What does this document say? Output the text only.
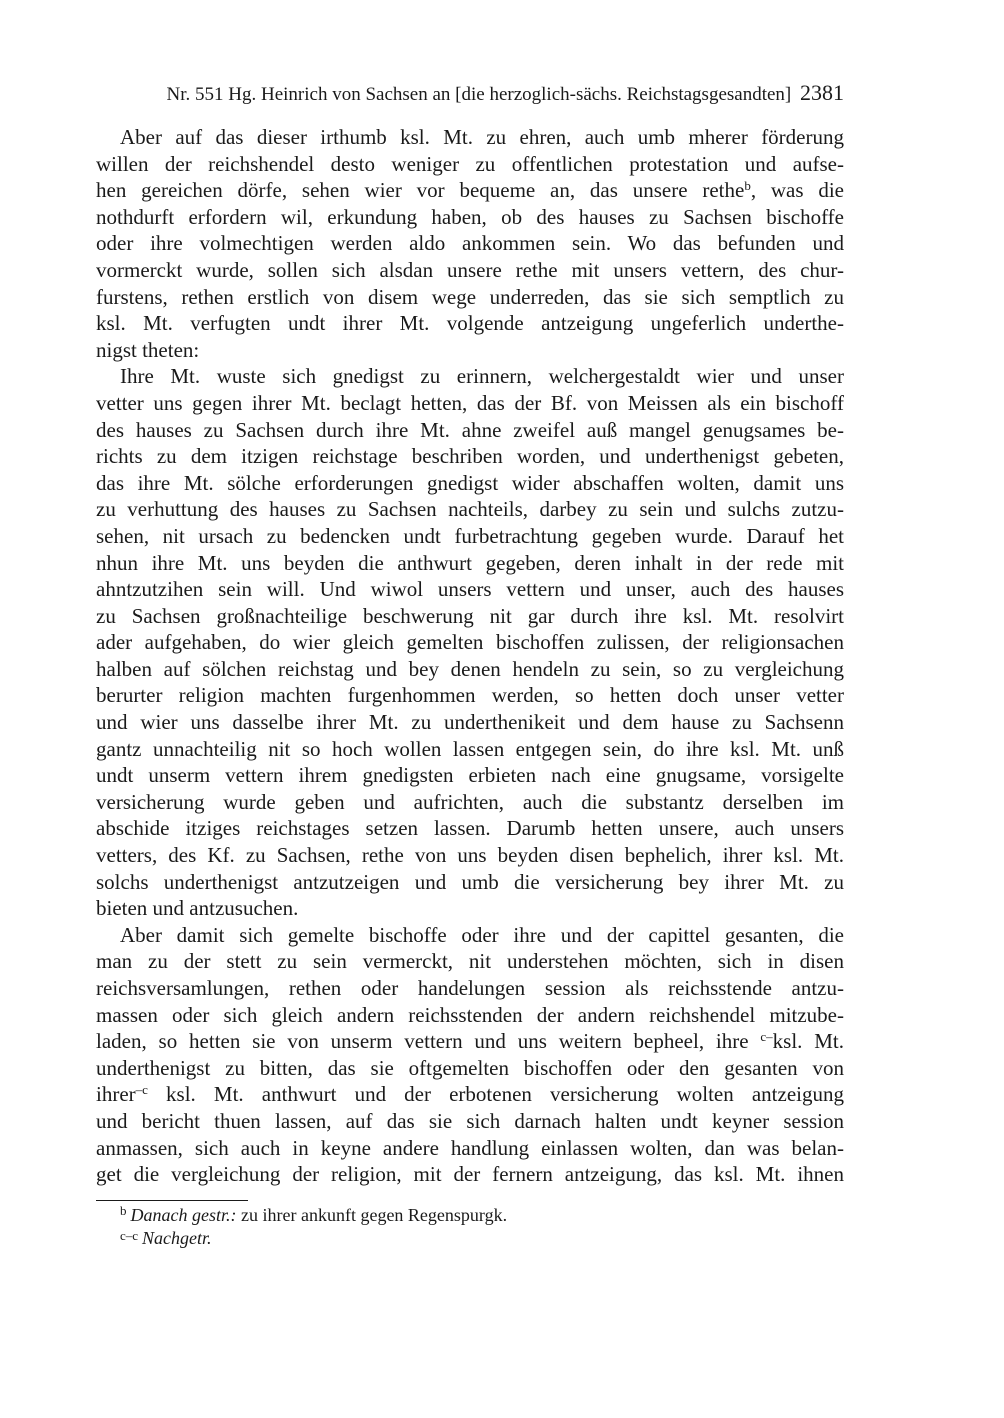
Nr. 551 Hg. Heinrich von Sachsen an [die herzoglich-sächs. Reichstagsgesandten] 2381
Aber auf das dieser irthumb ksl. Mt. zu ehren, auch umb mherer förderung
willen der reichshendel desto weniger zu offentlichen protestation und aufse-
hen gereichen dörfe, sehen wier vor bequeme an, das unsere rethe$^b$, was die
nothdurft erfordern wil, erkundung haben, ob des hauses zu Sachsen bischoffe
oder ihre volmechtigen werden aldo ankommen sein. Wo das befunden und
vormerckt wurde, sollen sich alsdan unsere rethe mit unsers vettern, des chur-
furstens, rethen erstlich von disem wege underreden, das sie sich semptlich zu
ksl. Mt. verfugten undt ihrer Mt. volgende antzeigung ungeferlich underthe-
nigst theten:
Ihre Mt. wuste sich gnedigst zu erinnern, welchergestaldt wier und unser
vetter uns gegen ihrer Mt. beclagt hetten, das der Bf. von Meissen als ein bischoff
des hauses zu Sachsen durch ihre Mt. ahne zweifel auß mangel genugsames be-
richts zu dem itzigen reichstage beschriben worden, und underthenigst gebeten,
das ihre Mt. sölche erforderungen gnedigst wider abschaffen wolten, damit uns
zu verhuttung des hauses zu Sachsen nachteils, darbey zu sein und sulchs zutzu-
sehen, nit ursach zu bedencken undt furbetrachtung gegeben wurde. Darauf het
nhun ihre Mt. uns beyden die anthwurt gegeben, deren inhalt in der rede mit
ahntzutzihen sein will. Und wiwol unsers vettern und unser, auch des hauses
zu Sachsen großnachteilige beschwerung nit gar durch ihre ksl. Mt. resolvirt
ader aufgehaben, do wier gleich gemelten bischoffen zulissen, der religionsachen
halben auf sölchen reichstag und bey denen hendeln zu sein, so zu vergleichung
berurter religion machten furgenhommen werden, so hetten doch unser vetter
und wier uns dasselbe ihrer Mt. zu underthenikeit und dem hause zu Sachsenn
gantz unnachteilig nit so hoch wollen lassen entgegen sein, do ihre ksl. Mt. unß
undt unserm vettern ihrem gnedigsten erbieten nach eine gnugsame, vorsigelte
versicherung wurde geben und aufrichten, auch die substantz derselben im
abschide itziges reichstages setzen lassen. Darumb hetten unsere, auch unsers
vetters, des Kf. zu Sachsen, rethe von uns beyden disen bephelich, ihrer ksl. Mt.
solchs underthenigst antzutzeigen und umb die versicherung bey ihrer Mt. zu
bieten und antzusuchen.
Aber damit sich gemelte bischoffe oder ihre und der capittel gesanten, die
man zu der stett zu sein vermerckt, nit understehen möchten, sich in disen
reichsversamlungen, rethen oder handelungen session als reichsstende antzu-
massen oder sich gleich andern reichsstenden der andern reichshendel mitzube-
laden, so hetten sie von unserm vettern und uns weitern bepheel, ihre $^{c-}$ksl. Mt.
underthenigst zu bitten, das sie oftgemelten bischoffen oder den gesanten von
ihrer$^{-c}$ ksl. Mt. anthwurt und der erbotenen versicherung wolten antzeigung
und bericht thuen lassen, auf das sie sich darnach halten undt keyner session
anmassen, sich auch in keyne andere handlung einlassen wolten, dan was belan-
get die vergleichung der religion, mit der fernern antzeigung, das ksl. Mt. ihnen
$^b$ Danach gestr.: zu ihrer ankunft gegen Regenspurgk.
$^{c-c}$ Nachgetr.
